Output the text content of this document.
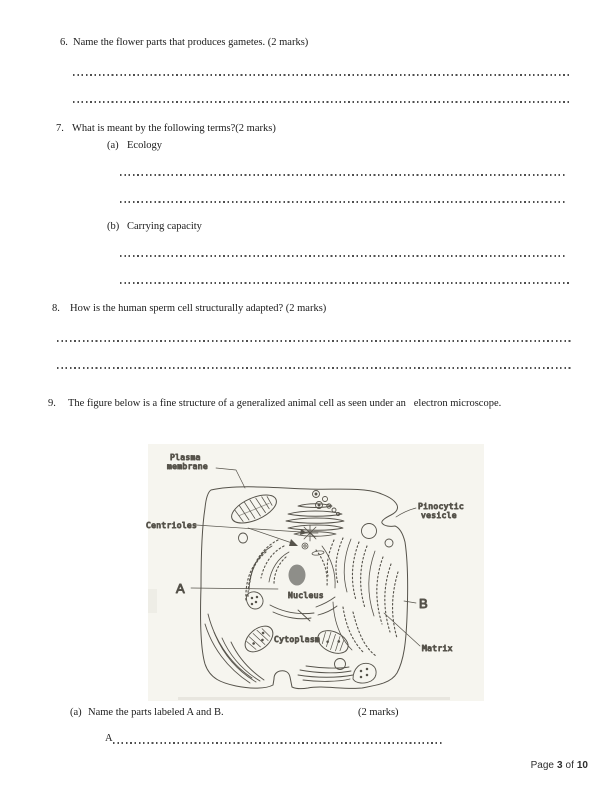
6.

Name the flower parts that produces gametes. (2 marks)

7.

What is meant by the following terms?(2 marks)

(a)

Ecology

(b)

Carrying capacity

8.

How is the human sperm cell structurally adapted? (2 marks)

9.

The figure below is a fine structure of a generalized animal cell as seen under an   electron microscope.

Plasma
membrane
Centrioles
Pinocytic
vesicle
Nucleus
Cytoplasm
Matrix
A
B

(a)

Name the parts labeled A and B.

	(2 marks)

A

Page 3 of 10
